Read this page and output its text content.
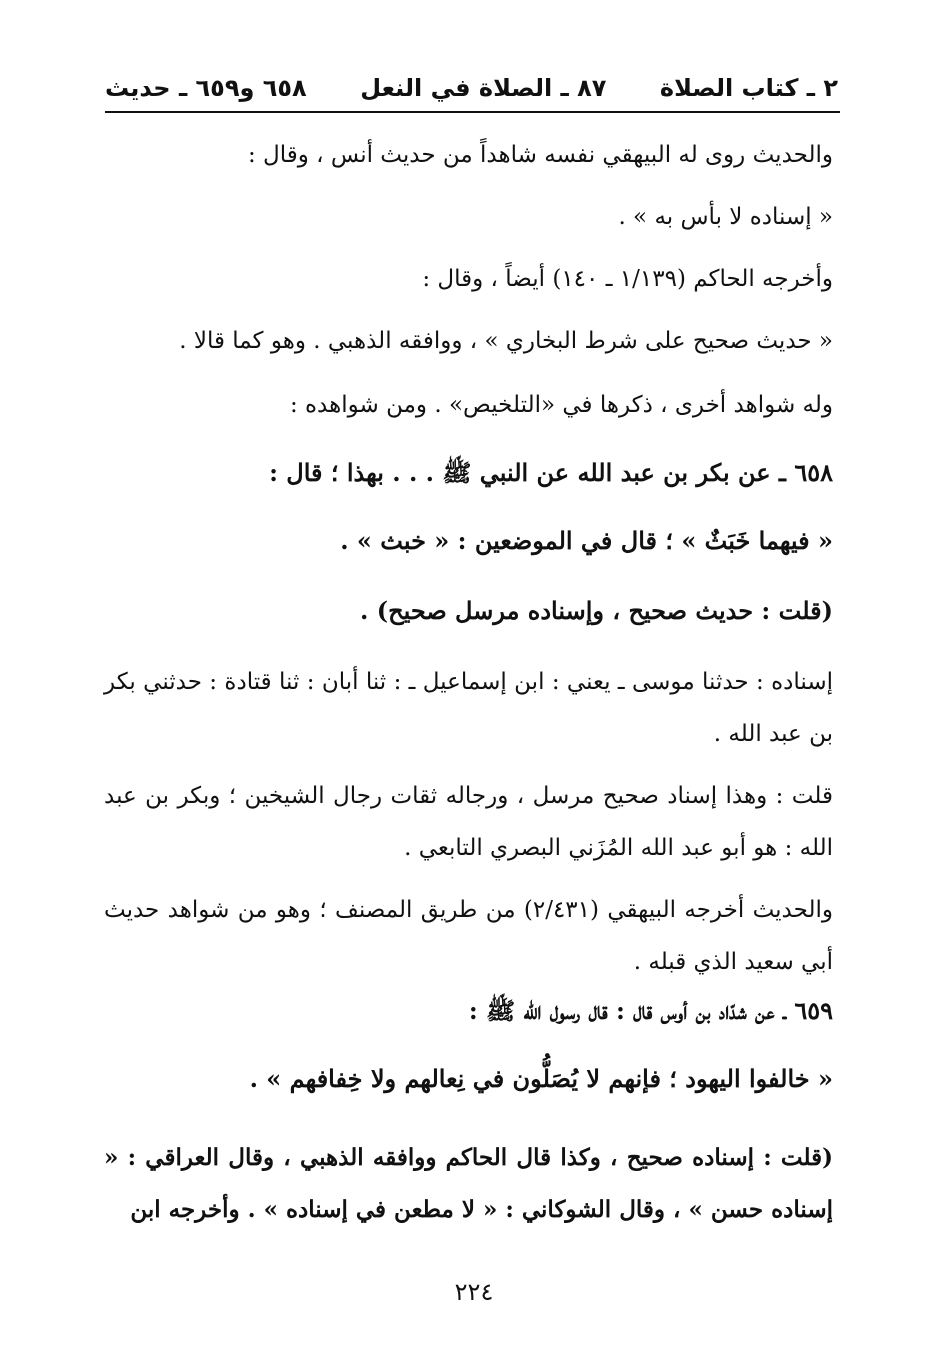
٢ ـ كتاب الصلاة
٨٧ ـ الصلاة في النعل
٦٥٨ و٦٥٩ ـ حديث
والحديث روى له البيهقي نفسه شاهداً من حديث أنس ، وقال :
« إسناده لا بأس به » .
وأخرجه الحاكم (١/١٣٩ ـ ١٤٠) أيضاً ، وقال :
« حديث صحيح على شرط البخاري » ، ووافقه الذهبي . وهو كما قالا .
وله شواهد أخرى ، ذكرها في «التلخيص» . ومن شواهده :
٦٥٨ ـ عن بكر بن عبد الله عن النبي ﷺ . . . بهذا ؛ قال :
« فيهما خَبَثٌ » ؛ قال في الموضعين : « خبث » .
(قلت : حديث صحيح ، وإسناده مرسل صحيح) .
إسناده : حدثنا موسى ـ يعني : ابن إسماعيل ـ : ثنا أبان : ثنا قتادة : حدثني بكر بن عبد الله .
قلت : وهذا إسناد صحيح مرسل ، ورجاله ثقات رجال الشيخين ؛ وبكر بن عبد الله : هو أبو عبد الله المُزَني البصري التابعي .
والحديث أخرجه البيهقي (٢/٤٣١) من طريق المصنف ؛ وهو من شواهد حديث أبي سعيد الذي قبله .
٦٥٩ ـ عن شدّاد بن أوس قال : قال رسول الله ﷺ :
« خالفوا اليهود ؛ فإنهم لا يُصَلُّون في نِعالهم ولا خِفافهم » .
(قلت : إسناده صحيح ، وكذا قال الحاكم ووافقه الذهبي ، وقال العراقي : « إسناده حسن » ، وقال الشوكاني : « لا مطعن في إسناده » . وأخرجه ابن
٢٢٤
